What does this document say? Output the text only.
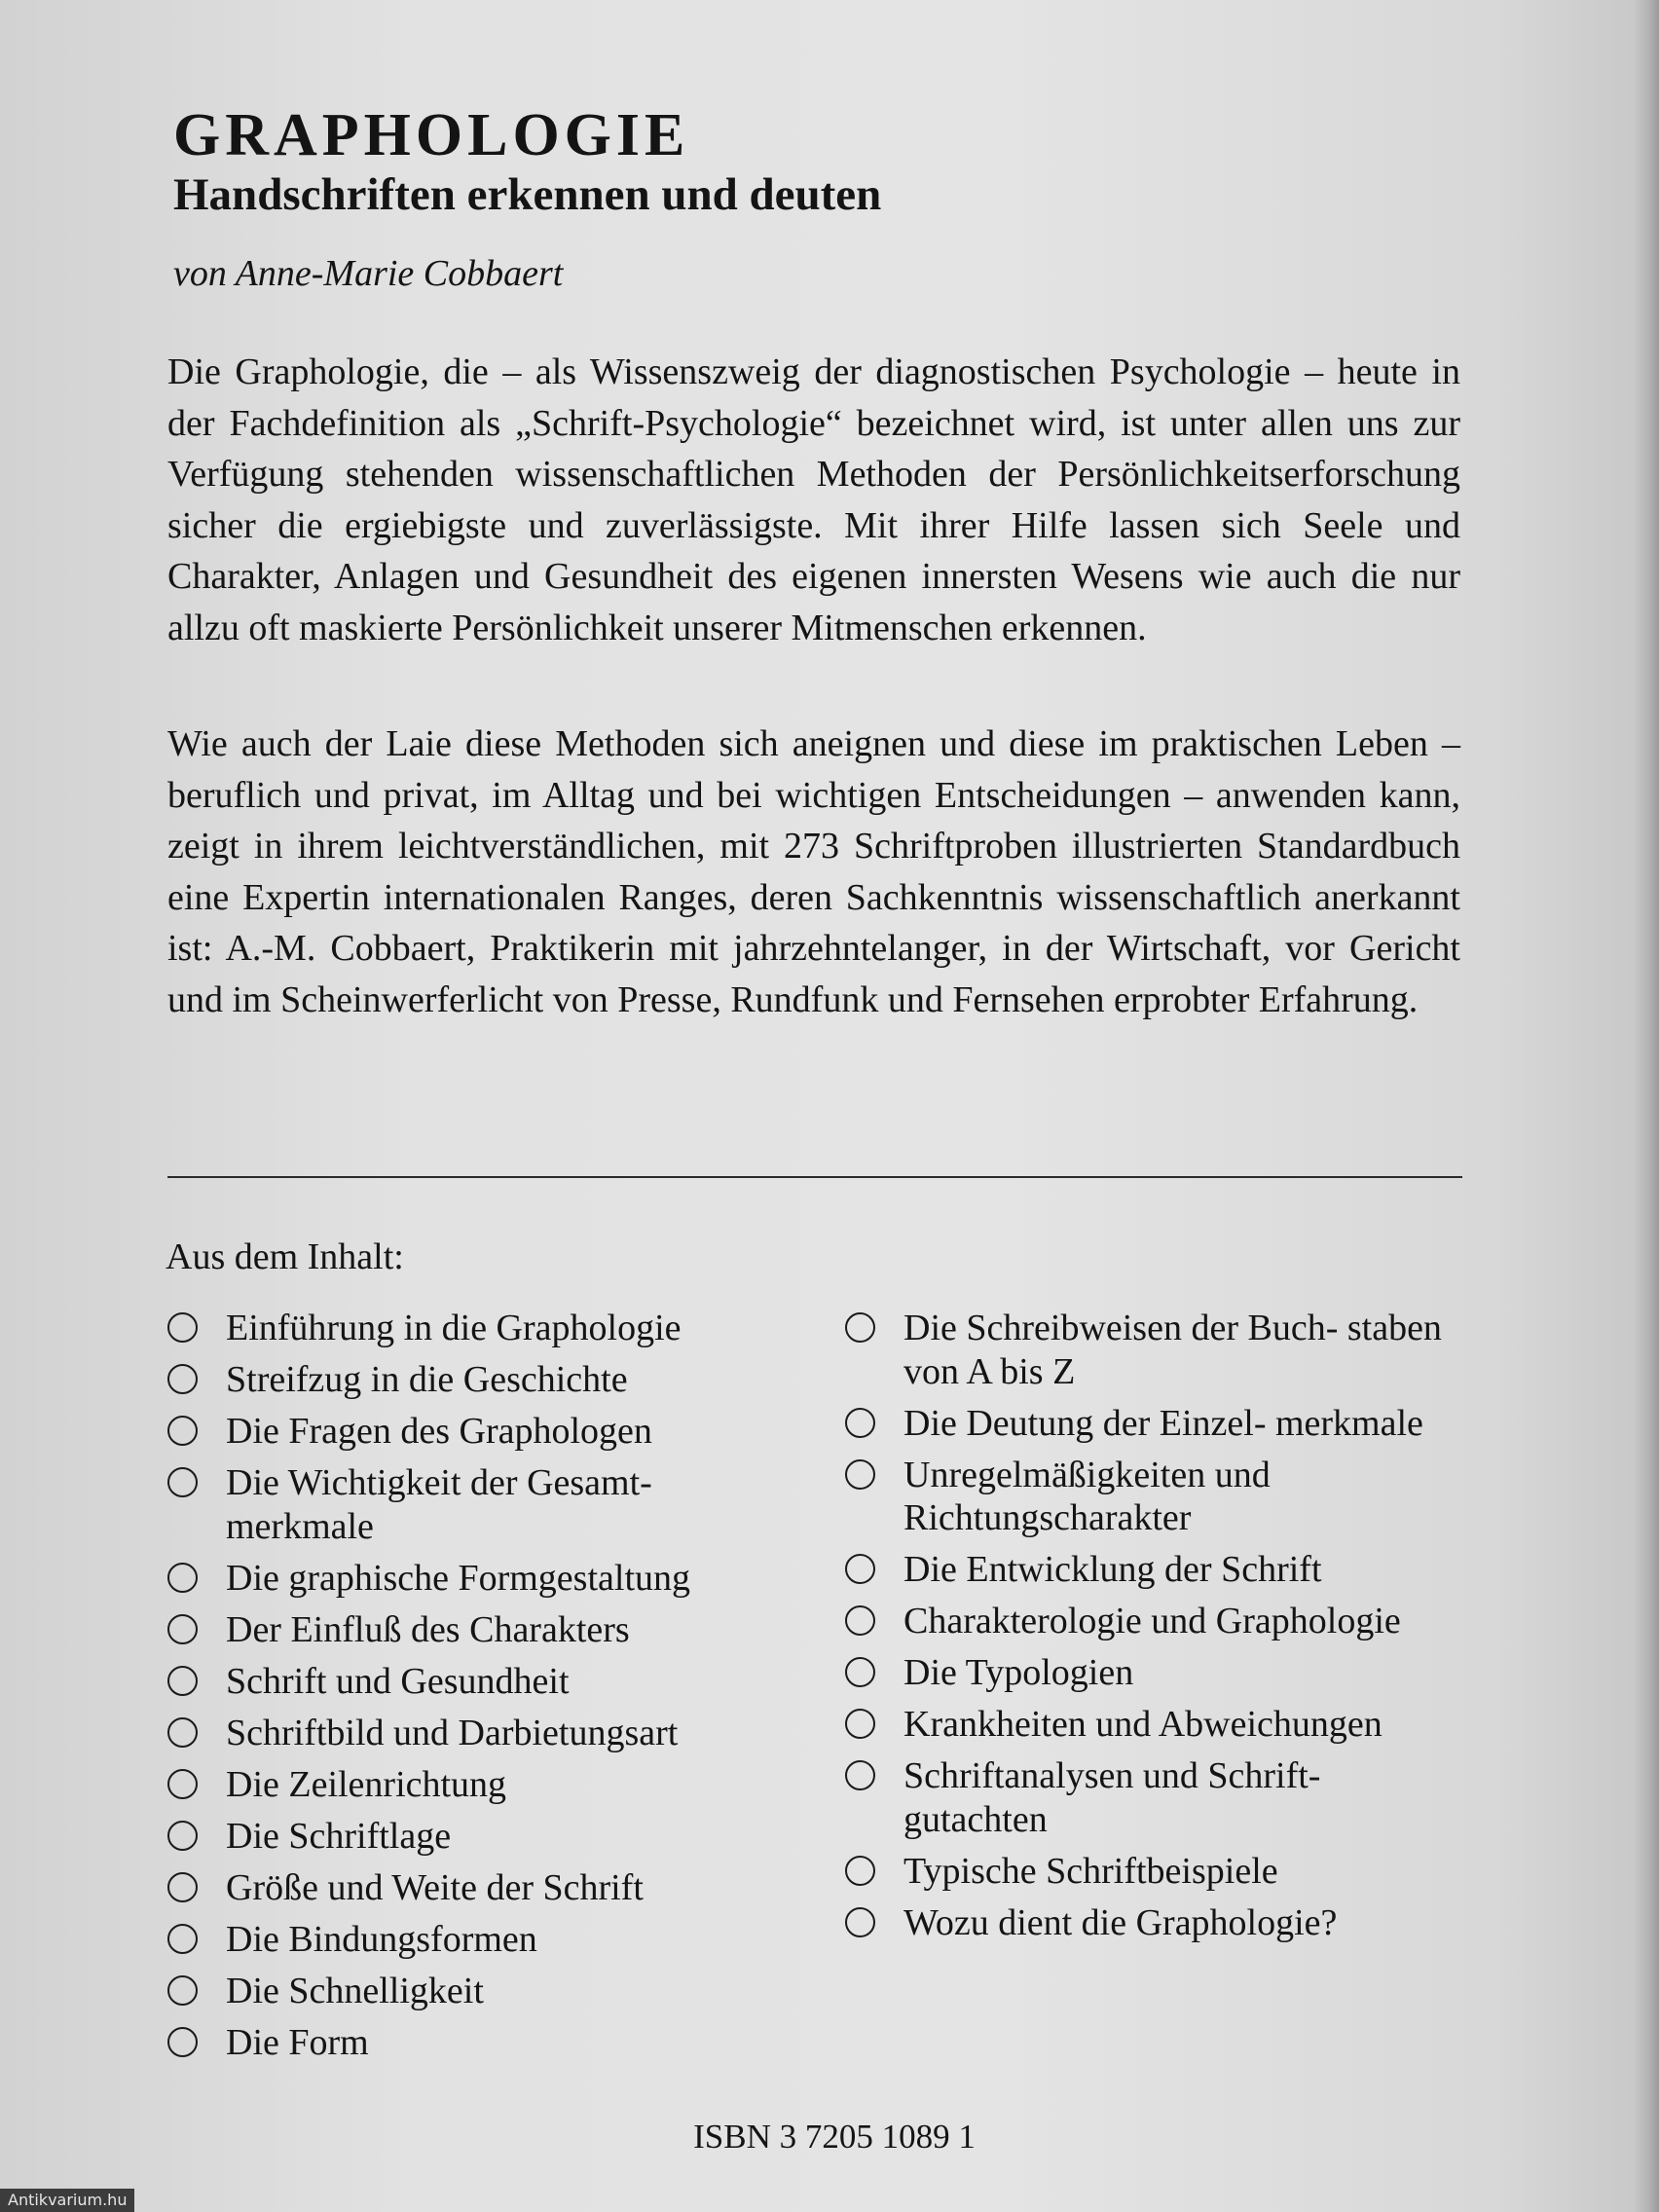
GRAPHOLOGIE
Handschriften erkennen und deuten
von Anne-Marie Cobbaert

Die Graphologie, die – als Wissenszweig der diagnostischen Psychologie – heute in der Fachdefinition als „Schrift-Psychologie“ bezeichnet wird, ist unter allen uns zur Verfügung stehenden wissenschaftlichen Methoden der Persönlichkeitserforschung sicher die ergiebigste und zuverlässigste. Mit ihrer Hilfe lassen sich Seele und Charakter, Anlagen und Gesundheit des eigenen innersten Wesens wie auch die nur allzu oft maskierte Persönlichkeit unserer Mitmenschen erkennen.

Wie auch der Laie diese Methoden sich aneignen und diese im praktischen Leben – beruflich und privat, im Alltag und bei wichtigen Entscheidungen – anwenden kann, zeigt in ihrem leichtverständlichen, mit 273 Schriftproben illustrierten Standardbuch eine Expertin internationalen Ranges, deren Sachkenntnis wissenschaftlich anerkannt ist: A.-M. Cobbaert, Praktikerin mit jahrzehntelanger, in der Wirtschaft, vor Gericht und im Scheinwerferlicht von Presse, Rundfunk und Fernsehen erprobter Erfahrung.

Aus dem Inhalt:
Einführung in die Graphologie
Streifzug in die Geschichte
Die Fragen des Graphologen
Die Wichtigkeit der Gesamt- merkmale
Die graphische Formgestaltung
Der Einfluß des Charakters
Schrift und Gesundheit
Schriftbild und Darbietungsart
Die Zeilenrichtung
Die Schriftlage
Größe und Weite der Schrift
Die Bindungsformen
Die Schnelligkeit
Die Form
Die Schreibweisen der Buch- staben von A bis Z
Die Deutung der Einzel- merkmale
Unregelmäßigkeiten und Richtungscharakter
Die Entwicklung der Schrift
Charakterologie und Graphologie
Die Typologien
Krankheiten und Abweichungen
Schriftanalysen und Schrift- gutachten
Typische Schriftbeispiele
Wozu dient die Graphologie?
ISBN 3 7205 1089 1
Antikvarium.hu
